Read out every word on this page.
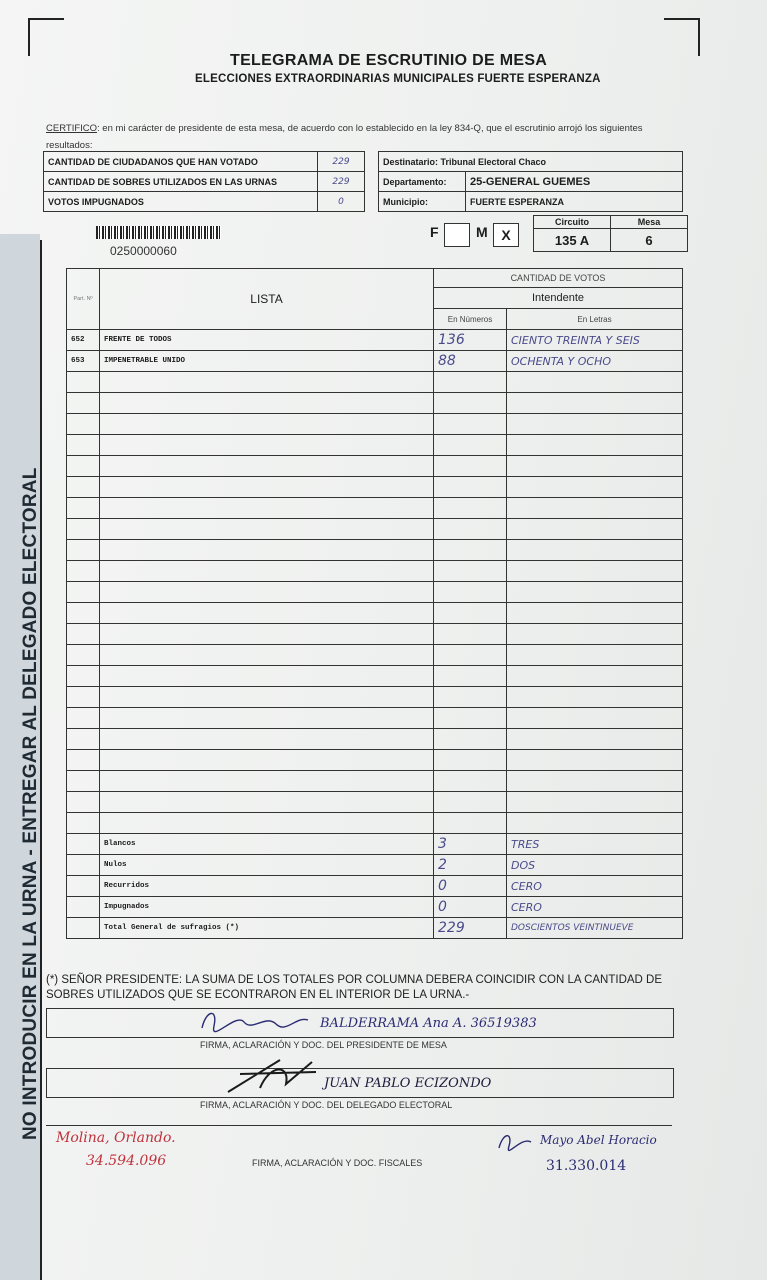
TELEGRAMA DE ESCRUTINIO DE MESA
ELECCIONES EXTRAORDINARIAS MUNICIPALES FUERTE ESPERANZA
CERTIFICO: en mi carácter de presidente de esta mesa, de acuerdo con lo establecido en la ley 834-Q, que el escrutinio arrojó los siguientes resultados:
CANTIDAD DE CIUDADANOS QUE HAN VOTADO	229
CANTIDAD DE SOBRES UTILIZADOS EN LAS URNAS	229
VOTOS IMPUGNADOS	0
Destinatario: Tribunal Electoral Chaco	
Departamento:	25-GENERAL GUEMES
Municipio:	FUERTE ESPERANZA
0250000060
F	M X
Circuito	Mesa
135 A	6
Part. Nº	LISTA	CANTIDAD DE VOTOS	
		Intendente	
		En Números	En Letras
652	FRENTE DE TODOS	136	CIENTO TREINTA Y SEIS
653	IMPENETRABLE UNIDO	88	OCHENTA Y OCHO

	Blancos	3	TRES
	Nulos	2	DOS
	Recurridos	0	CERO
	Impugnados	0	CERO
	Total General de sufragios (*)	229	DOSCIENTOS VEINTINUEVE
(*) SEÑOR PRESIDENTE: LA SUMA DE LOS TOTALES POR COLUMNA DEBERA COINCIDIR CON LA CANTIDAD DE SOBRES UTILIZADOS QUE SE ECONTRARON EN EL INTERIOR DE LA URNA.-
BALDERRAMA Ana A. 36519383
FIRMA, ACLARACIÓN Y DOC. DEL PRESIDENTE DE MESA
JUAN PABLO ECIZONDO
FIRMA, ACLARACIÓN Y DOC. DEL DELEGADO ELECTORAL
Molina, Orlando.
34.594.096	FIRMA, ACLARACIÓN Y DOC. FISCALES
Mayo Abel Horacio
31.330.014
NO INTRODUCIR EN LA URNA - ENTREGAR AL DELEGADO ELECTORAL
